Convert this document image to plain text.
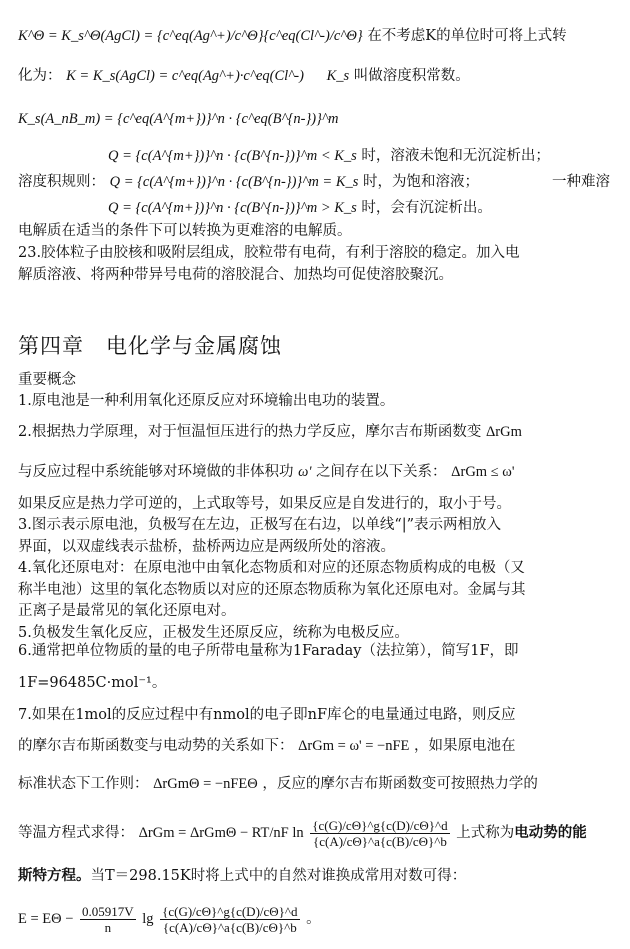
K^Θ = K_s^Θ(AgCl) = {c^eq(Ag^+)/c^Θ}{c^eq(Cl^-)/c^Θ} 在不考虑K的单位时可将上式转
化为： K = K_s(AgCl) = c^eq(Ag^+)·c^eq(Cl^-) K_s 叫做溶度积常数。
K_s(A_nB_m) = {c^eq(A^{m+})}^n · {c^eq(B^{n-})}^m
Q = {c(A^{m+})}^n · {c(B^{n-})}^m < K_s 时，溶液未饱和无沉淀析出；
溶度积规则： Q = {c(A^{m+})}^n · {c(B^{n-})}^m = K_s 时，为饱和溶液；	一种难溶
Q = {c(A^{m+})}^n · {c(B^{n-})}^m > K_s 时，会有沉淀析出。
电解质在适当的条件下可以转换为更难溶的电解质。
23.胶体粒子由胶核和吸附层组成，胶粒带有电荷，有利于溶胶的稳定。加入电
解质溶液、将两种带异号电荷的溶胶混合、加热均可促使溶胶聚沉。
第四章　电化学与金属腐蚀
重要概念
1.原电池是一种利用氧化还原反应对环境输出电功的装置。
2.根据热力学原理，对于恒温恒压进行的热力学反应，摩尔吉布斯函数变 ΔrGm
与反应过程中系统能够对环境做的非体积功 ω' 之间存在以下关系： ΔrGm ≤ ω'
如果反应是热力学可逆的，上式取等号，如果反应是自发进行的，取小于号。
3.图示表示原电池，负极写在左边，正极写在右边，以单线“|”表示两相放入
界面，以双虚线表示盐桥，盐桥两边应是两级所处的溶液。
4.氧化还原电对：在原电池中由氧化态物质和对应的还原态物质构成的电极（又
称半电池）这里的氧化态物质以对应的还原态物质称为氧化还原电对。金属与其
正离子是最常见的氧化还原电对。
5.负极发生氧化反应，正极发生还原反应，统称为电极反应。
6.通常把单位物质的量的电子所带电量称为1Faraday（法拉第），简写1F，即
1F=96485C·mol⁻¹。
7.如果在1mol的反应过程中有nmol的电子即nF库仑的电量通过电路，则反应
的摩尔吉布斯函数变与电动势的关系如下： ΔrGm = ω' = −nFE ，如果原电池在
标准状态下工作则： ΔrGmΘ = −nFEΘ ，反应的摩尔吉布斯函数变可按照热力学的
等温方程式求得： ΔrGm = ΔrGmΘ − RT/nF $\ln \frac{\{c(G)/c\Theta\}\^{}g\{c(D)/c\Theta\}\^{}d}{\{c(A)/c\Theta\}\^{}a\{c(B)/c\Theta\}\^{}b}$ 上式称为电动势的能
斯特方程。当T＝298.15K时将上式中的自然对谁换成常用对数可得：
$E = E\Theta - \frac{0.05917V}{n}$ $\lg \frac{\{c(G)/c\Theta\}\^{}g\{c(D)/c\Theta\}\^{}d}{\{c(A)/c\Theta\}\^{}a\{c(B)/c\Theta\}\^{}b}$ 。
